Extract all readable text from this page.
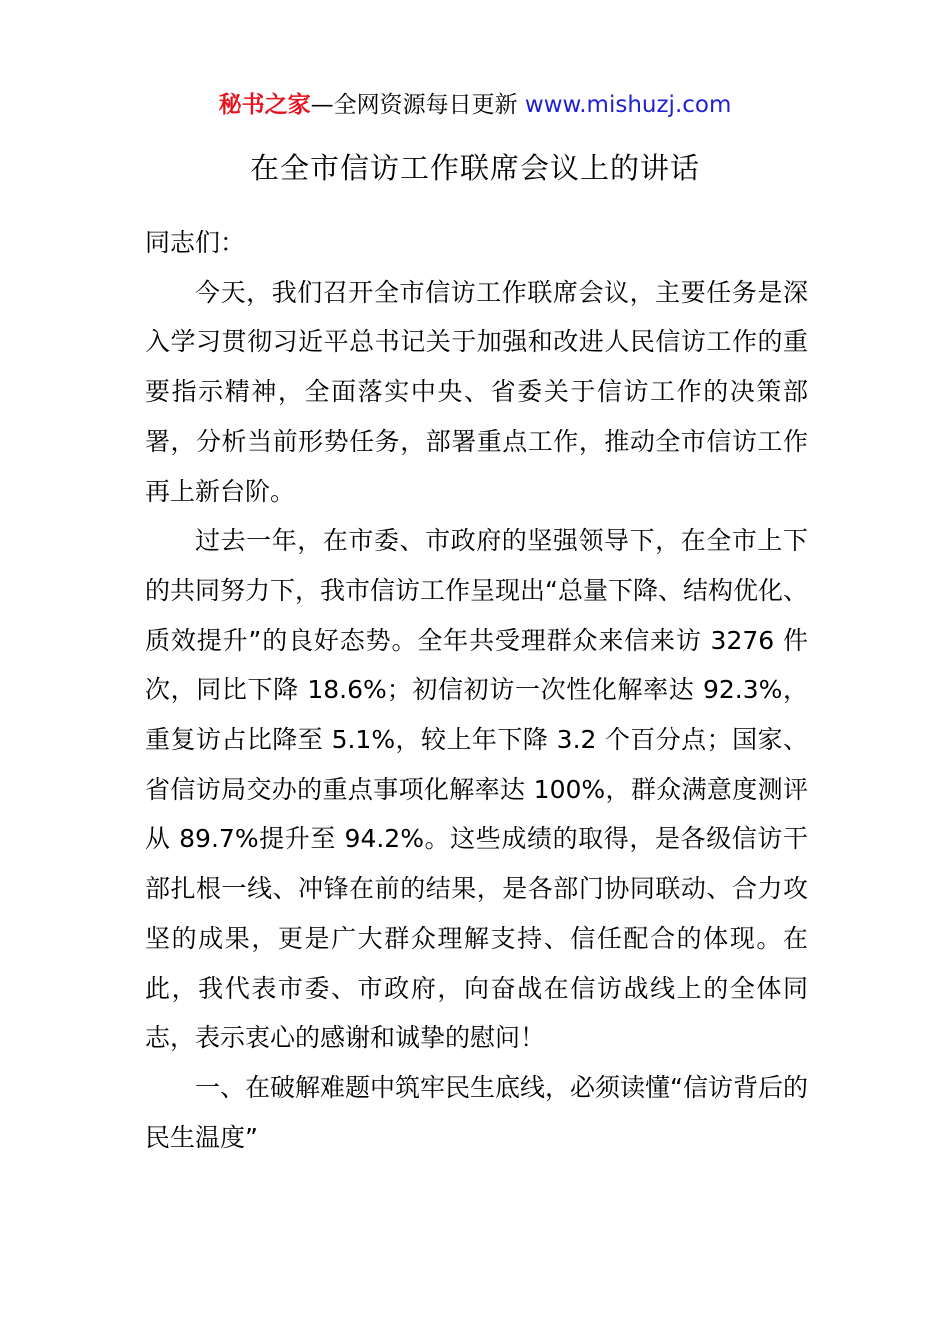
秘书之家—全网资源每日更新 www.mishuzj.com
在全市信访工作联席会议上的讲话

同志们：

今天，我们召开全市信访工作联席会议，主要任务是深入学习贯彻习近平总书记关于加强和改进人民信访工作的重要指示精神，全面落实中央、省委关于信访工作的决策部署，分析当前形势任务，部署重点工作，推动全市信访工作再上新台阶。

过去一年，在市委、市政府的坚强领导下，在全市上下的共同努力下，我市信访工作呈现出“总量下降、结构优化、质效提升”的良好态势。全年共受理群众来信来访 3276 件次，同比下降 18.6%；初信初访一次性化解率达 92.3%，重复访占比降至 5.1%，较上年下降 3.2 个百分点；国家、省信访局交办的重点事项化解率达 100%，群众满意度测评从 89.7%提升至 94.2%。这些成绩的取得，是各级信访干部扎根一线、冲锋在前的结果，是各部门协同联动、合力攻坚的成果，更是广大群众理解支持、信任配合的体现。在此，我代表市委、市政府，向奋战在信访战线上的全体同志，表示衷心的感谢和诚挚的慰问！

一、在破解难题中筑牢民生底线，必须读懂“信访背后的民生温度”
